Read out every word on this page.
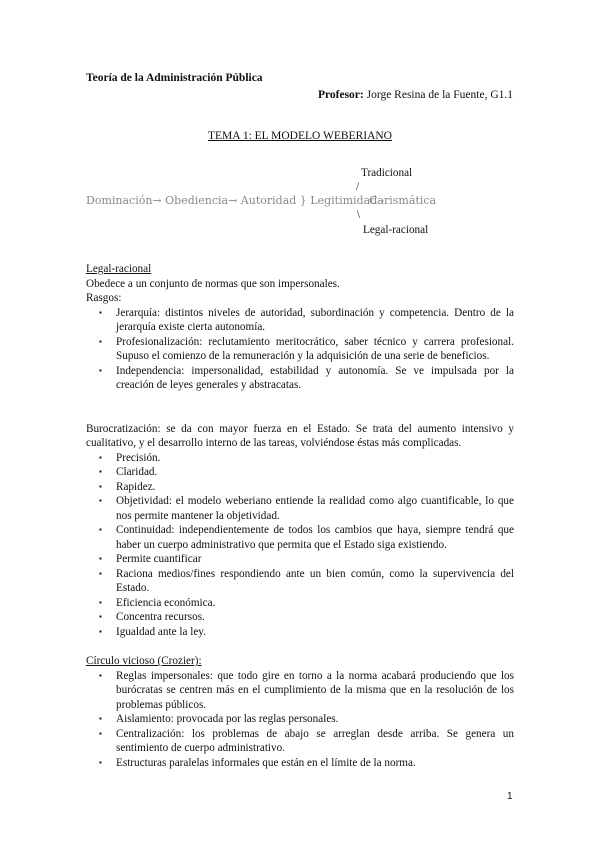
Teoría de la Administración Pública
Profesor: Jorge Resina de la Fuente, G1.1
TEMA 1: EL MODELO WEBERIANO
Tradicional
/
Dominación→ Obediencia→ Autoridad } Legitimidad -
Carismática
\
Legal-racional

Legal-racional

Obedece a un conjunto de normas que son impersonales.

Rasgos:

▪ Jerarquía: distintos niveles de autoridad, subordinación y competencia. Dentro de la jerarquía existe cierta autonomía.
▪ Profesionalización: reclutamiento meritocrático, saber técnico y carrera profesional. Supuso el comienzo de la remuneración y la adquisición de una serie de beneficios.
▪ Independencia: impersonalidad, estabilidad y autonomía. Se ve impulsada por la creación de leyes generales y abstracatas.

Burocratización: se da con mayor fuerza en el Estado. Se trata del aumento intensivo y cualitativo, y el desarrollo interno de las tareas, volviéndose éstas más complicadas.

▪ Precisión.
▪ Claridad.
▪ Rapidez.
▪ Objetividad: el modelo weberiano entiende la realidad como algo cuantificable, lo que nos permite mantener la objetividad.
▪ Continuidad: independientemente de todos los cambios que haya, siempre tendrá que haber un cuerpo administrativo que permita que el Estado siga existiendo.
▪ Permite cuantificar
▪ Raciona medios/fines respondiendo ante un bien común, como la supervivencia del Estado.
▪ Eficiencia económica.
▪ Concentra recursos.
▪ Igualdad ante la ley.

Círculo vicioso (Crozier):

▪ Reglas impersonales: que todo gire en torno a la norma acabará produciendo que los burócratas se centren más en el cumplimiento de la misma que en la resolución de los problemas públicos.
▪ Aislamiento: provocada por las reglas personales.
▪ Centralización: los problemas de abajo se arreglan desde arriba. Se genera un sentimiento de cuerpo administrativo.
▪ Estructuras paralelas informales que están en el límite de la norma.
1
